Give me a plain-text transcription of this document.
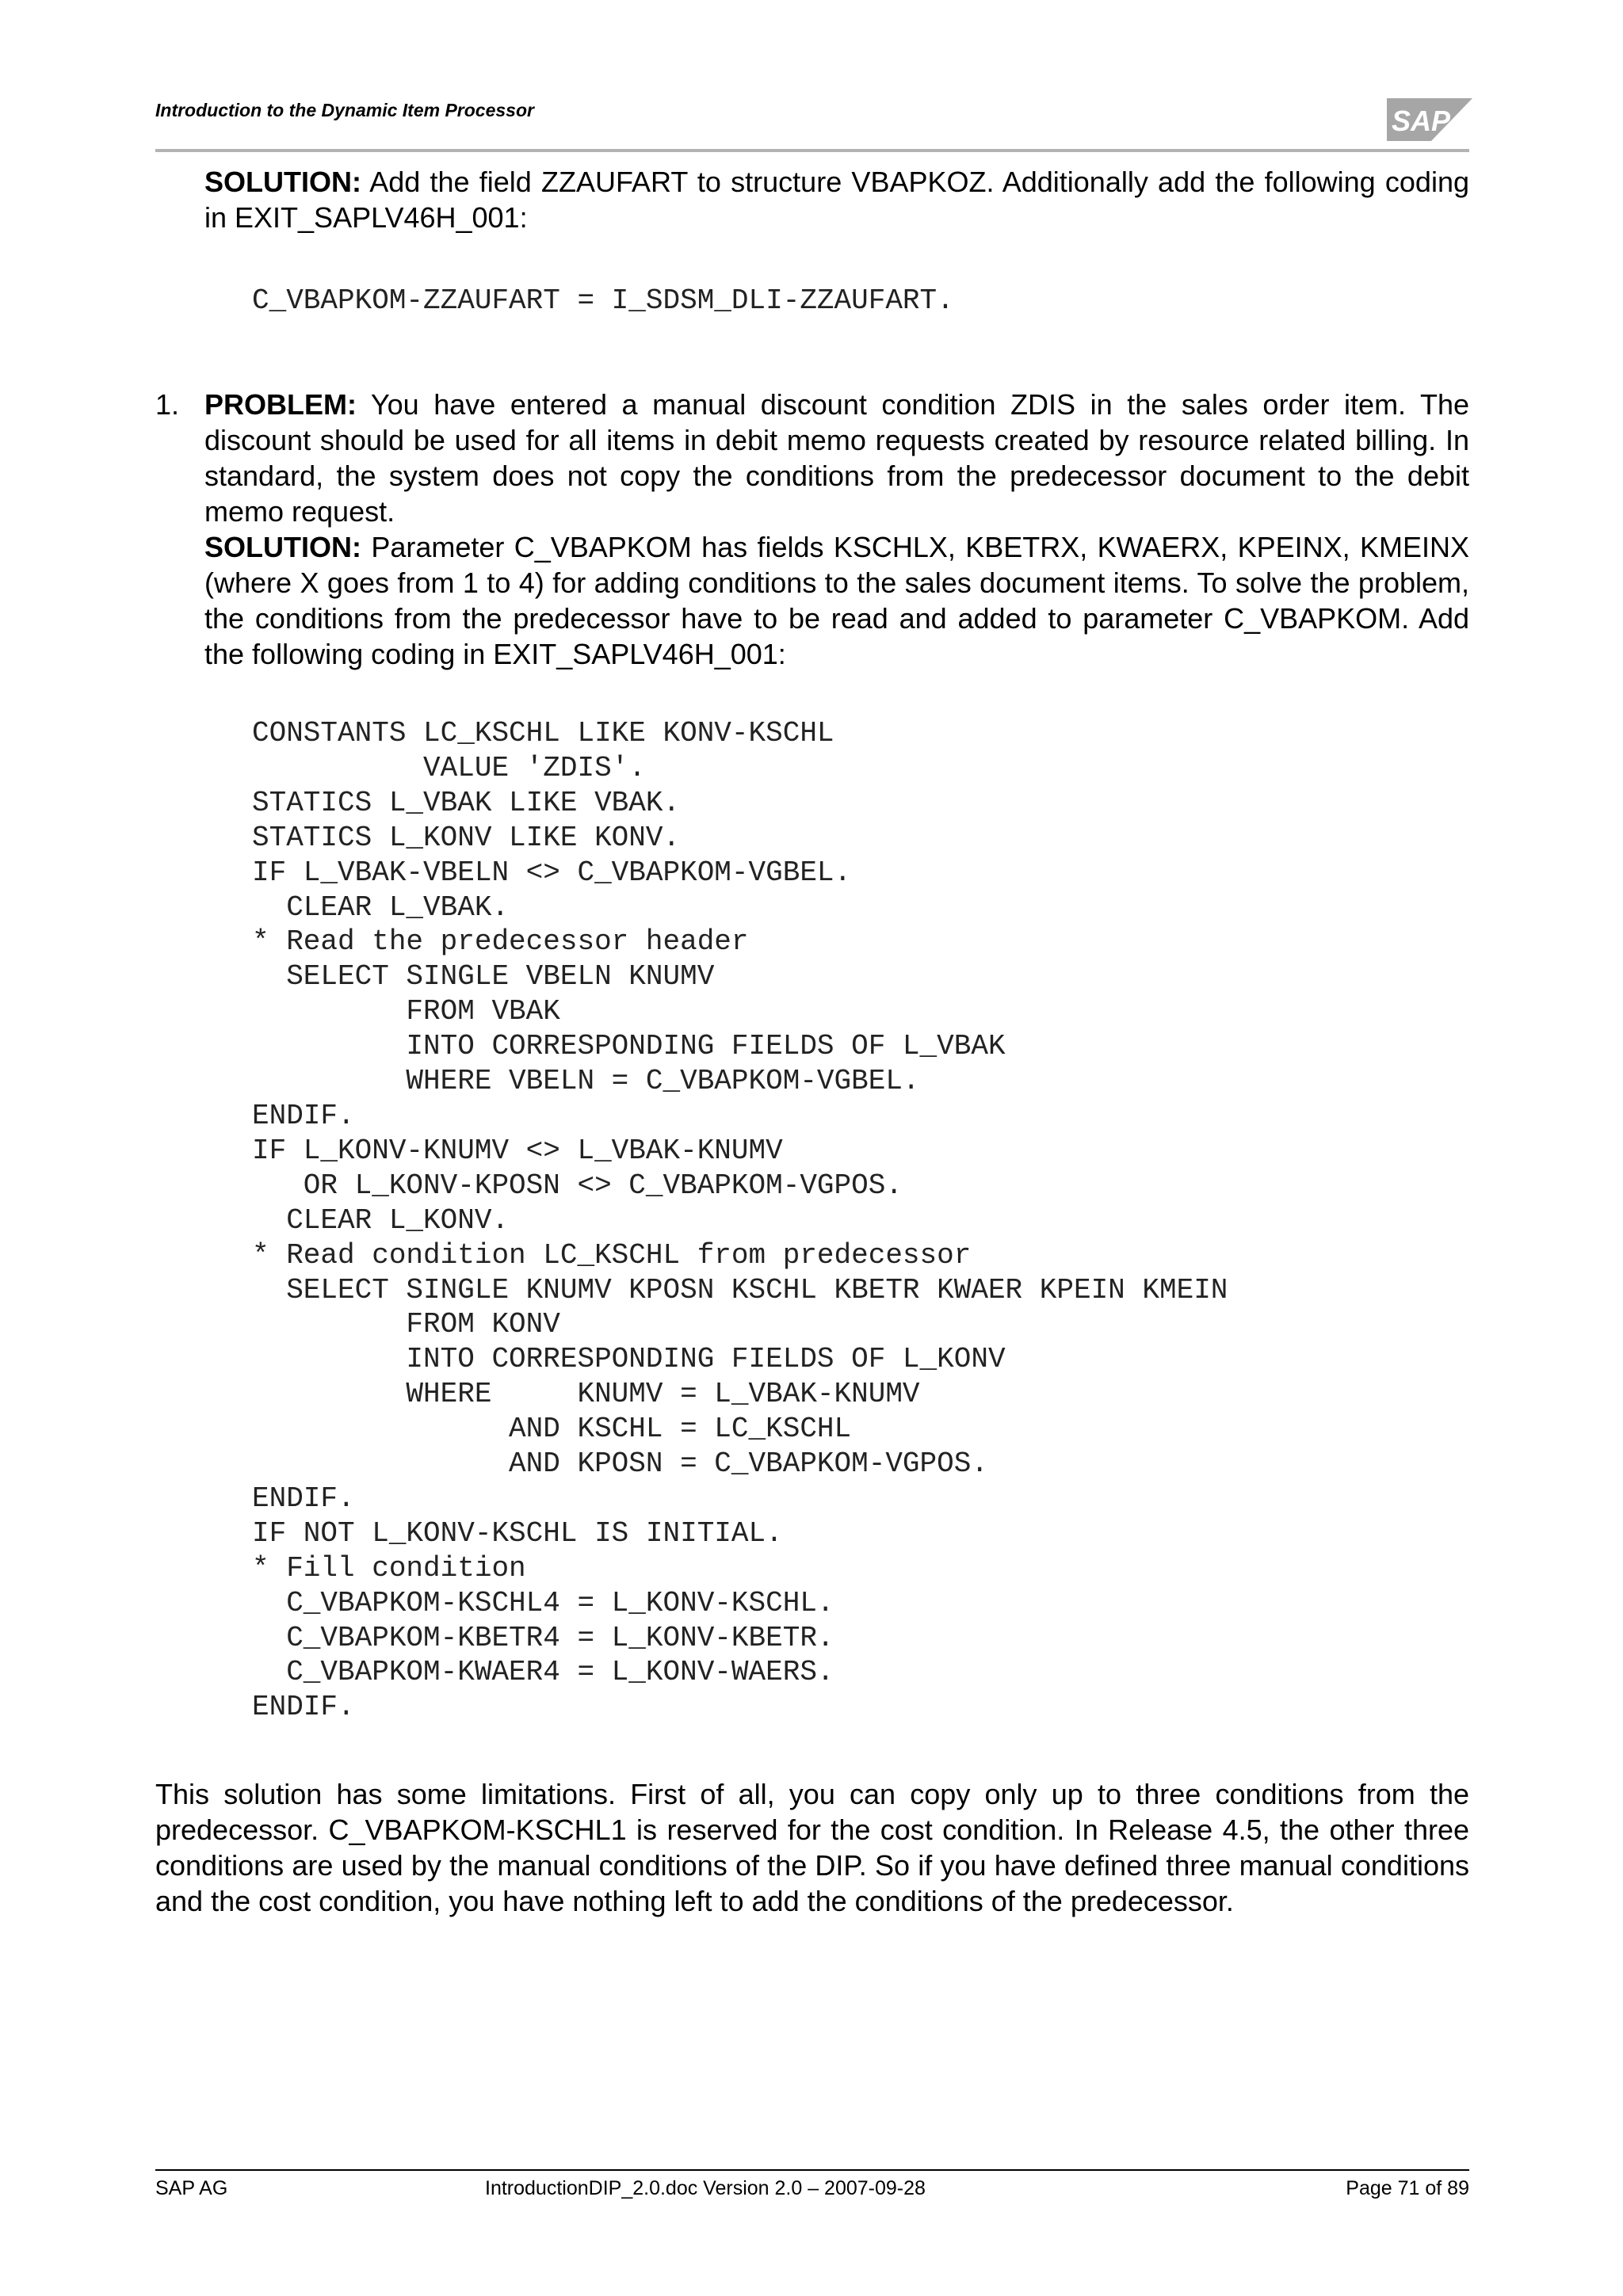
Introduction to the Dynamic Item Processor	SAP
SOLUTION: Add the field ZZAUFART to structure VBAPKOZ. Additionally add the following coding in EXIT_SAPLV46H_001:
C_VBAPKOM-ZZAUFART = I_SDSM_DLI-ZZAUFART.
1. PROBLEM: You have entered a manual discount condition ZDIS in the sales order item. The discount should be used for all items in debit memo requests created by resource related billing. In standard, the system does not copy the conditions from the predecessor document to the debit memo request.
SOLUTION: Parameter C_VBAPKOM has fields KSCHLX, KBETRX, KWAERX, KPEINX, KMEINX (where X goes from 1 to 4) for adding conditions to the sales document items. To solve the problem, the conditions from the predecessor have to be read and added to parameter C_VBAPKOM. Add the following coding in EXIT_SAPLV46H_001:
CONSTANTS LC_KSCHL LIKE KONV-KSCHL
VALUE 'ZDIS'.
STATICS L_VBAK LIKE VBAK.
STATICS L_KONV LIKE KONV.
IF L_VBAK-VBELN <> C_VBAPKOM-VGBEL.
CLEAR L_VBAK.
* Read the predecessor header
SELECT SINGLE VBELN KNUMV
FROM VBAK
INTO CORRESPONDING FIELDS OF L_VBAK
WHERE VBELN = C_VBAPKOM-VGBEL.
ENDIF.
IF L_KONV-KNUMV <> L_VBAK-KNUMV
OR L_KONV-KPOSN <> C_VBAPKOM-VGPOS.
CLEAR L_KONV.
* Read condition LC_KSCHL from predecessor
SELECT SINGLE KNUMV KPOSN KSCHL KBETR KWAER KPEIN KMEIN
FROM KONV
INTO CORRESPONDING FIELDS OF L_KONV
WHERE     KNUMV = L_VBAK-KNUMV
AND KSCHL = LC_KSCHL
AND KPOSN = C_VBAPKOM-VGPOS.
ENDIF.
IF NOT L_KONV-KSCHL IS INITIAL.
* Fill condition
C_VBAPKOM-KSCHL4 = L_KONV-KSCHL.
C_VBAPKOM-KBETR4 = L_KONV-KBETR.
C_VBAPKOM-KWAER4 = L_KONV-WAERS.
ENDIF.
This solution has some limitations. First of all, you can copy only up to three conditions from the predecessor. C_VBAPKOM-KSCHL1 is reserved for the cost condition. In Release 4.5, the other three conditions are used by the manual conditions of the DIP. So if you have defined three manual conditions and the cost condition, you have nothing left to add the conditions of the predecessor.
SAP AG	IntroductionDIP_2.0.doc Version 2.0 – 2007-09-28	Page 71 of 89
